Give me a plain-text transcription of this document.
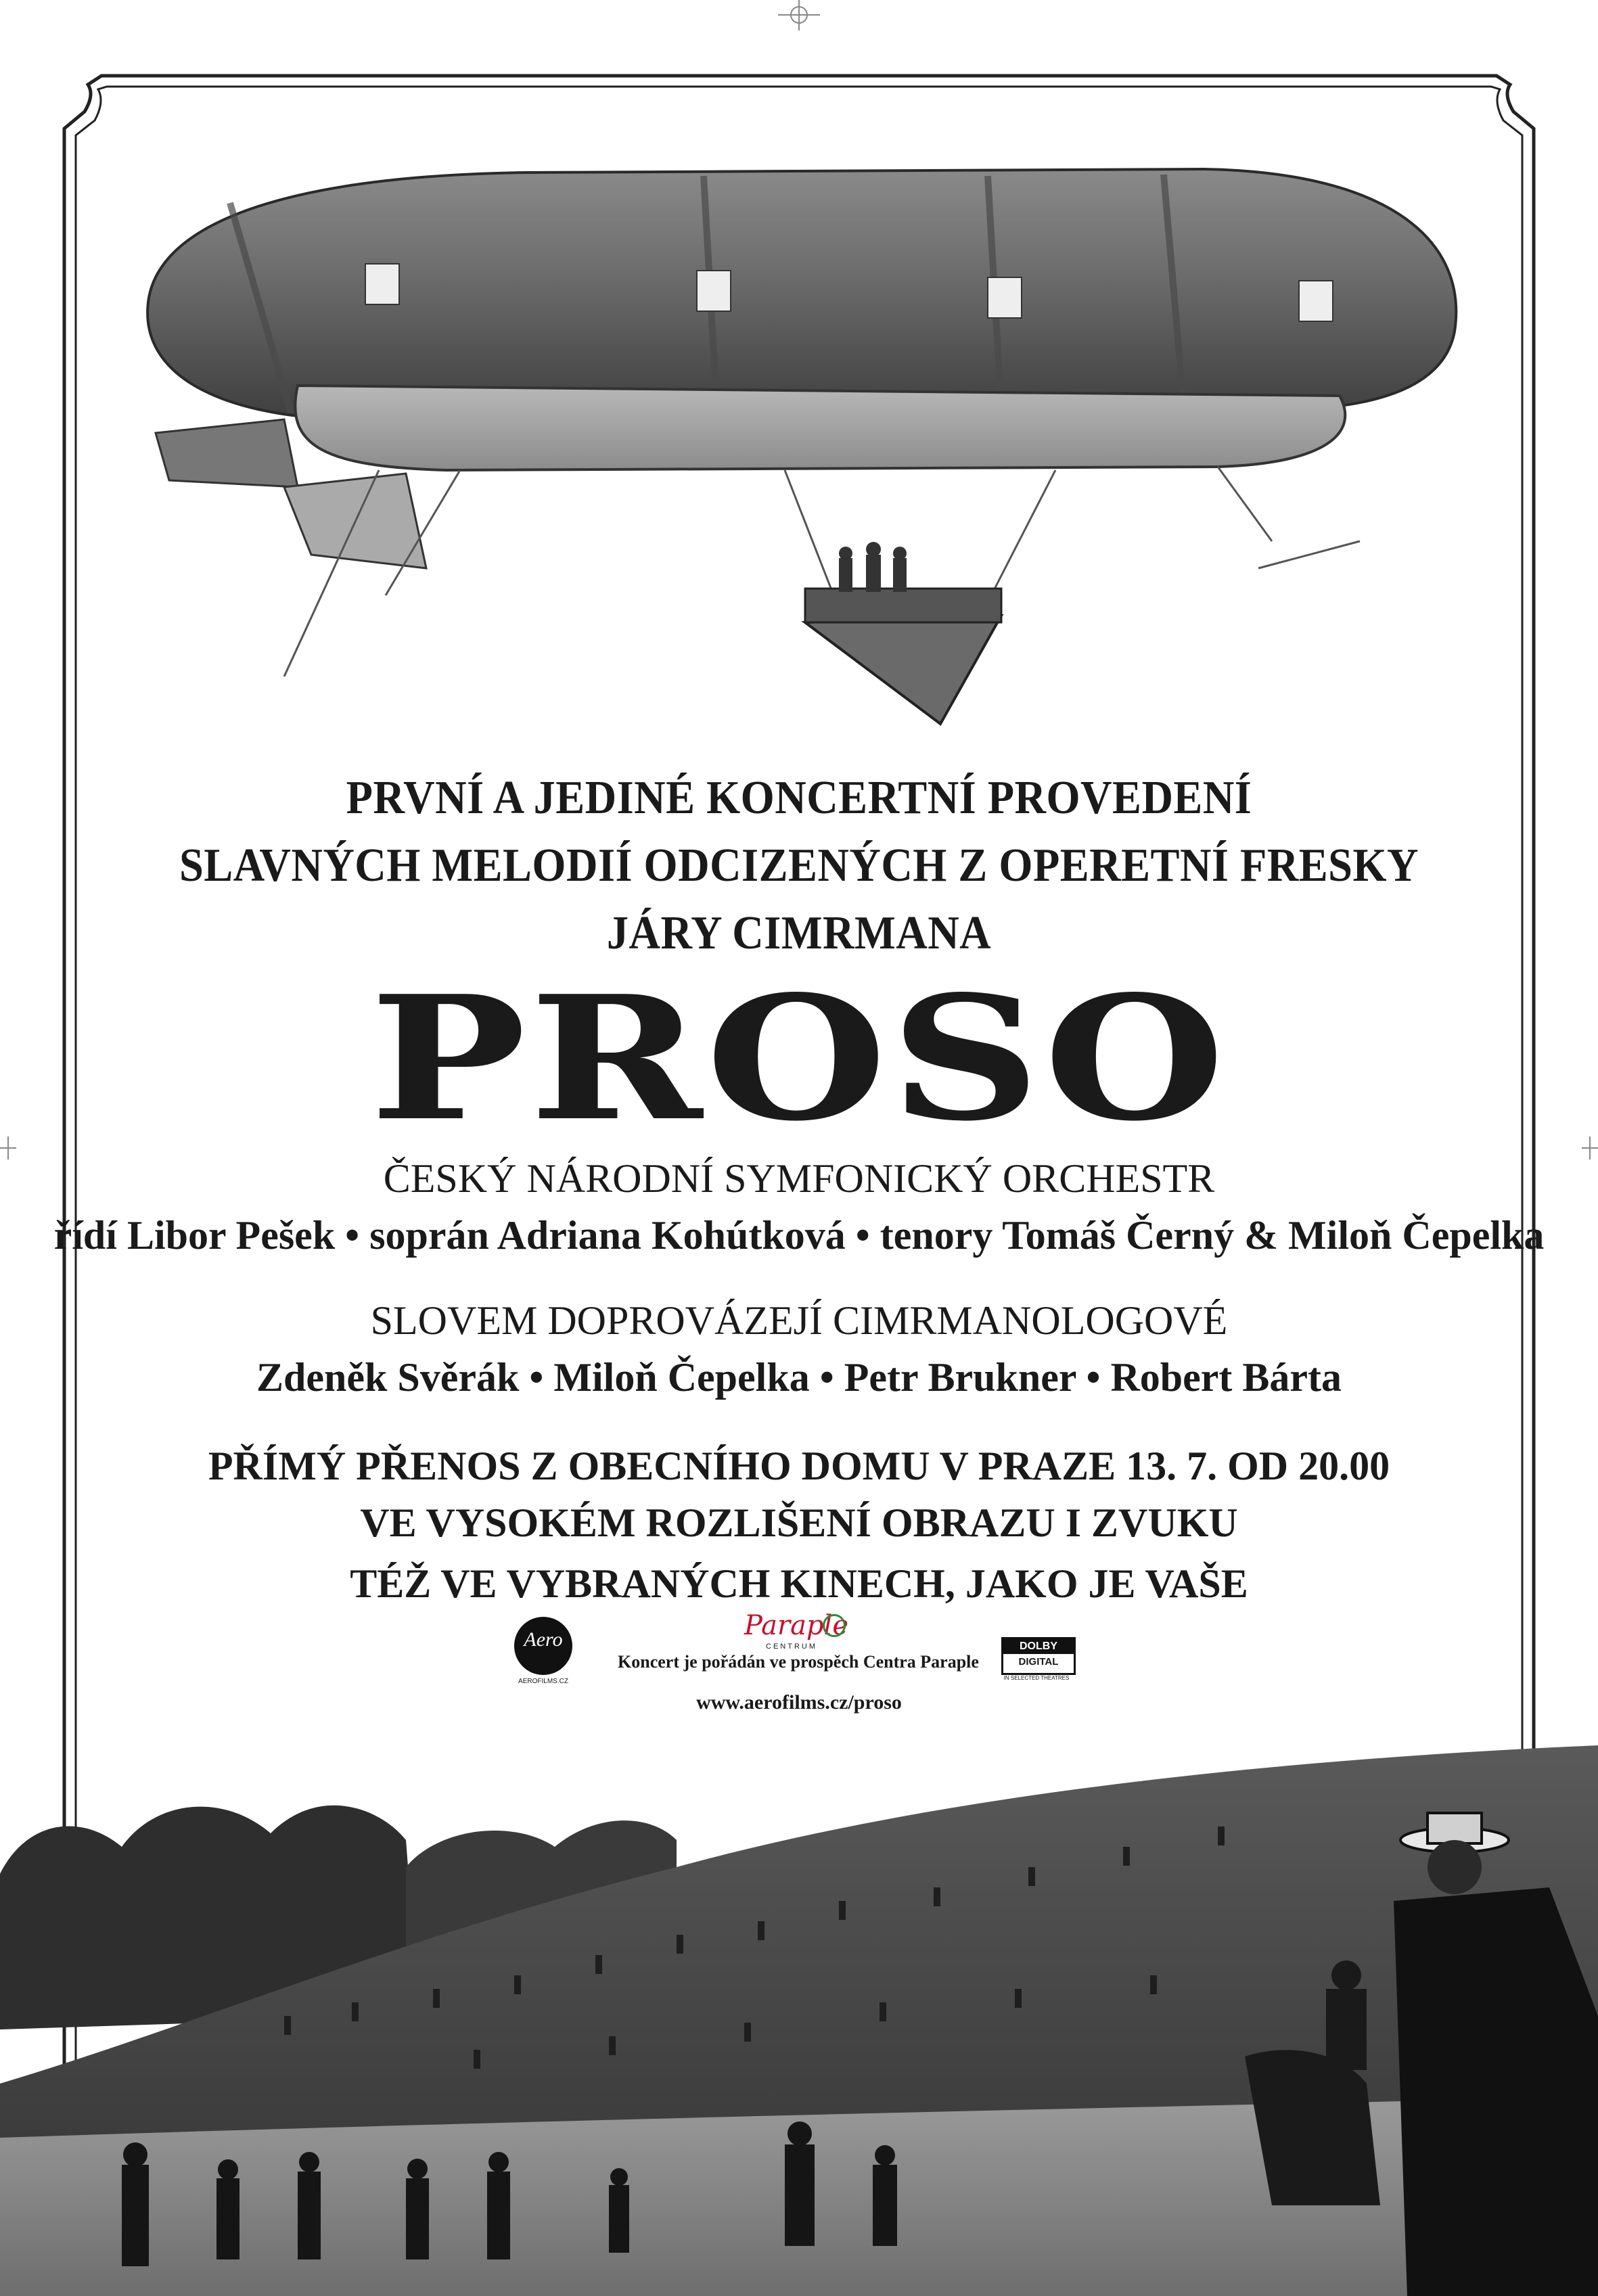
PRVNÍ A JEDINÉ KONCERTNÍ PROVEDENÍ
SLAVNÝCH MELODIÍ ODCIZENÝCH Z OPERETNÍ FRESKY
JÁRY CIMRMANA
PROSO
ČESKÝ NÁRODNÍ SYMFONICKÝ ORCHESTR
řídí Libor Pešek • soprán Adriana Kohútková • tenory Tomáš Černý & Miloň Čepelka
SLOVEM DOPROVÁZEJÍ CIMRMANOLOGOVÉ
Zdeněk Svěrák • Miloň Čepelka • Petr Brukner • Robert Bárta
PŘÍMÝ PŘENOS Z OBECNÍHO DOMU V PRAZE 13. 7. OD 20.00
VE VYSOKÉM ROZLIŠENÍ OBRAZU I ZVUKU
TÉŽ VE VYBRANÝCH KINECH, JAKO JE VAŠE
Aero
AEROFILMS.CZ
Paraple
CENTRUM
Koncert je pořádán ve prospěch Centra Paraple
DOLBY
DIGITAL
IN SELECTED THEATRES
www.aerofilms.cz/proso
